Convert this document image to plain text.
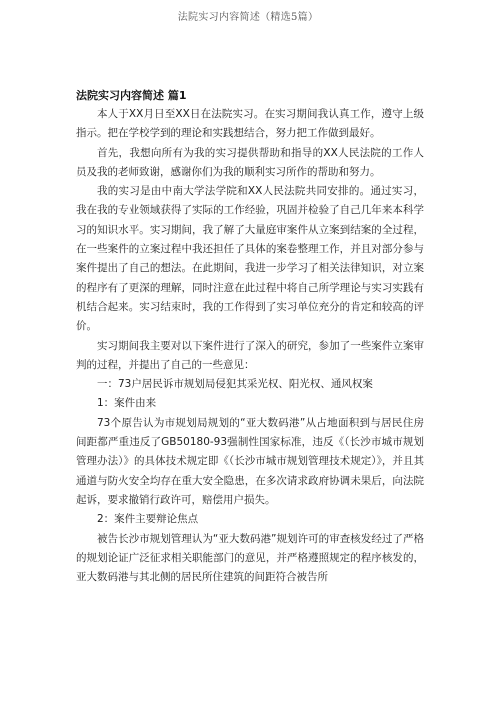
法院实习内容简述（精选5篇）

法院实习内容简述 篇1

本人于XX月日至XX日在法院实习。在实习期间我认真工作，遵守上级指示。把在学校学到的理论和实践想结合，努力把工作做到最好。

首先，我想向所有为我的实习提供帮助和指导的XX人民法院的工作人员及我的老师致谢，感谢你们为我的顺利实习所作的帮助和努力。

我的实习是由中南大学法学院和XX人民法院共同安排的。通过实习，我在我的专业领域获得了实际的工作经验，巩固并检验了自己几年来本科学习的知识水平。实习期间，我了解了大量庭审案件从立案到结案的全过程，在一些案件的立案过程中我还担任了具体的案卷整理工作，并且对部分参与案件提出了自己的想法。在此期间，我进一步学习了相关法律知识，对立案的程序有了更深的理解，同时注意在此过程中将自己所学理论与实习实践有机结合起来。实习结束时，我的工作得到了实习单位充分的肯定和较高的评价。

实习期间我主要对以下案件进行了深入的研究，参加了一些案件立案审判的过程，并提出了自己的一些意见：

一：73户居民诉市规划局侵犯其采光权、阳光权、通风权案

1：案件由来

73个原告认为市规划局规划的“亚大数码港”从占地面积到与居民住房间距都严重违反了GB50180-93强制性国家标准，违反《（长沙市城市规划管理办法）》的具体技术规定即《（长沙市城市规划管理技术规定）》，并且其通道与防火安全均存在重大安全隐患，在多次请求政府协调未果后，向法院起诉，要求撤销行政许可，赔偿用户损失。

2：案件主要辩论焦点

被告长沙市规划管理认为“亚大数码港”规划许可的审查核发经过了严格的规划论证广泛征求相关职能部门的意见，并严格遵照规定的程序核发的，亚大数码港与其北侧的居民所住建筑的间距符合被告所
